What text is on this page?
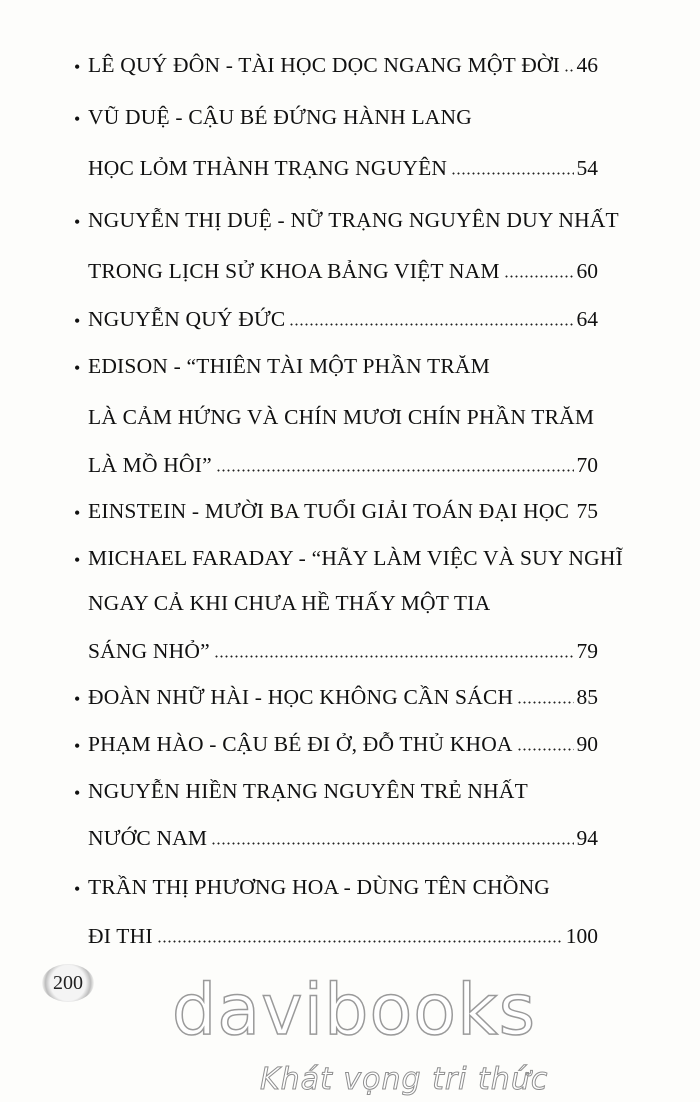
• LÊ QUÝ ĐÔN - TÀI HỌC DỌC NGANG MỘT ĐỜI 46
• VŨ DUỆ - CẬU BÉ ĐỨNG HÀNH LANG
HỌC LỎM THÀNH TRẠNG NGUYÊN	54
• NGUYỄN THỊ DUỆ - NỮ TRẠNG NGUYÊN DUY NHẤT
TRONG LỊCH SỬ KHOA BẢNG VIỆT NAM	60
• NGUYỄN QUÝ ĐỨC	64
• EDISON - “THIÊN TÀI MỘT PHẦN TRĂM
LÀ CẢM HỨNG VÀ CHÍN MƯƠI CHÍN PHẦN TRĂM
LÀ MỒ HÔI”	70
• EINSTEIN - MƯỜI BA TUỔI GIẢI TOÁN ĐẠI HỌC 75
• MICHAEL FARADAY - “HÃY LÀM VIỆC VÀ SUY NGHĨ
NGAY CẢ KHI CHƯA HỀ THẤY MỘT TIA
SÁNG NHỎ”	79
• ĐOÀN NHỮ HÀI - HỌC KHÔNG CẦN SÁCH	85
• PHẠM HÀO - CẬU BÉ ĐI Ở, ĐỖ THỦ KHOA	90
• NGUYỄN HIỀN TRẠNG NGUYÊN TRẺ NHẤT
NƯỚC NAM	94
• TRẦN THỊ PHƯƠNG HOA - DÙNG TÊN CHỒNG
ĐI THI	100
200 davibooks
Khát vọng tri thức
